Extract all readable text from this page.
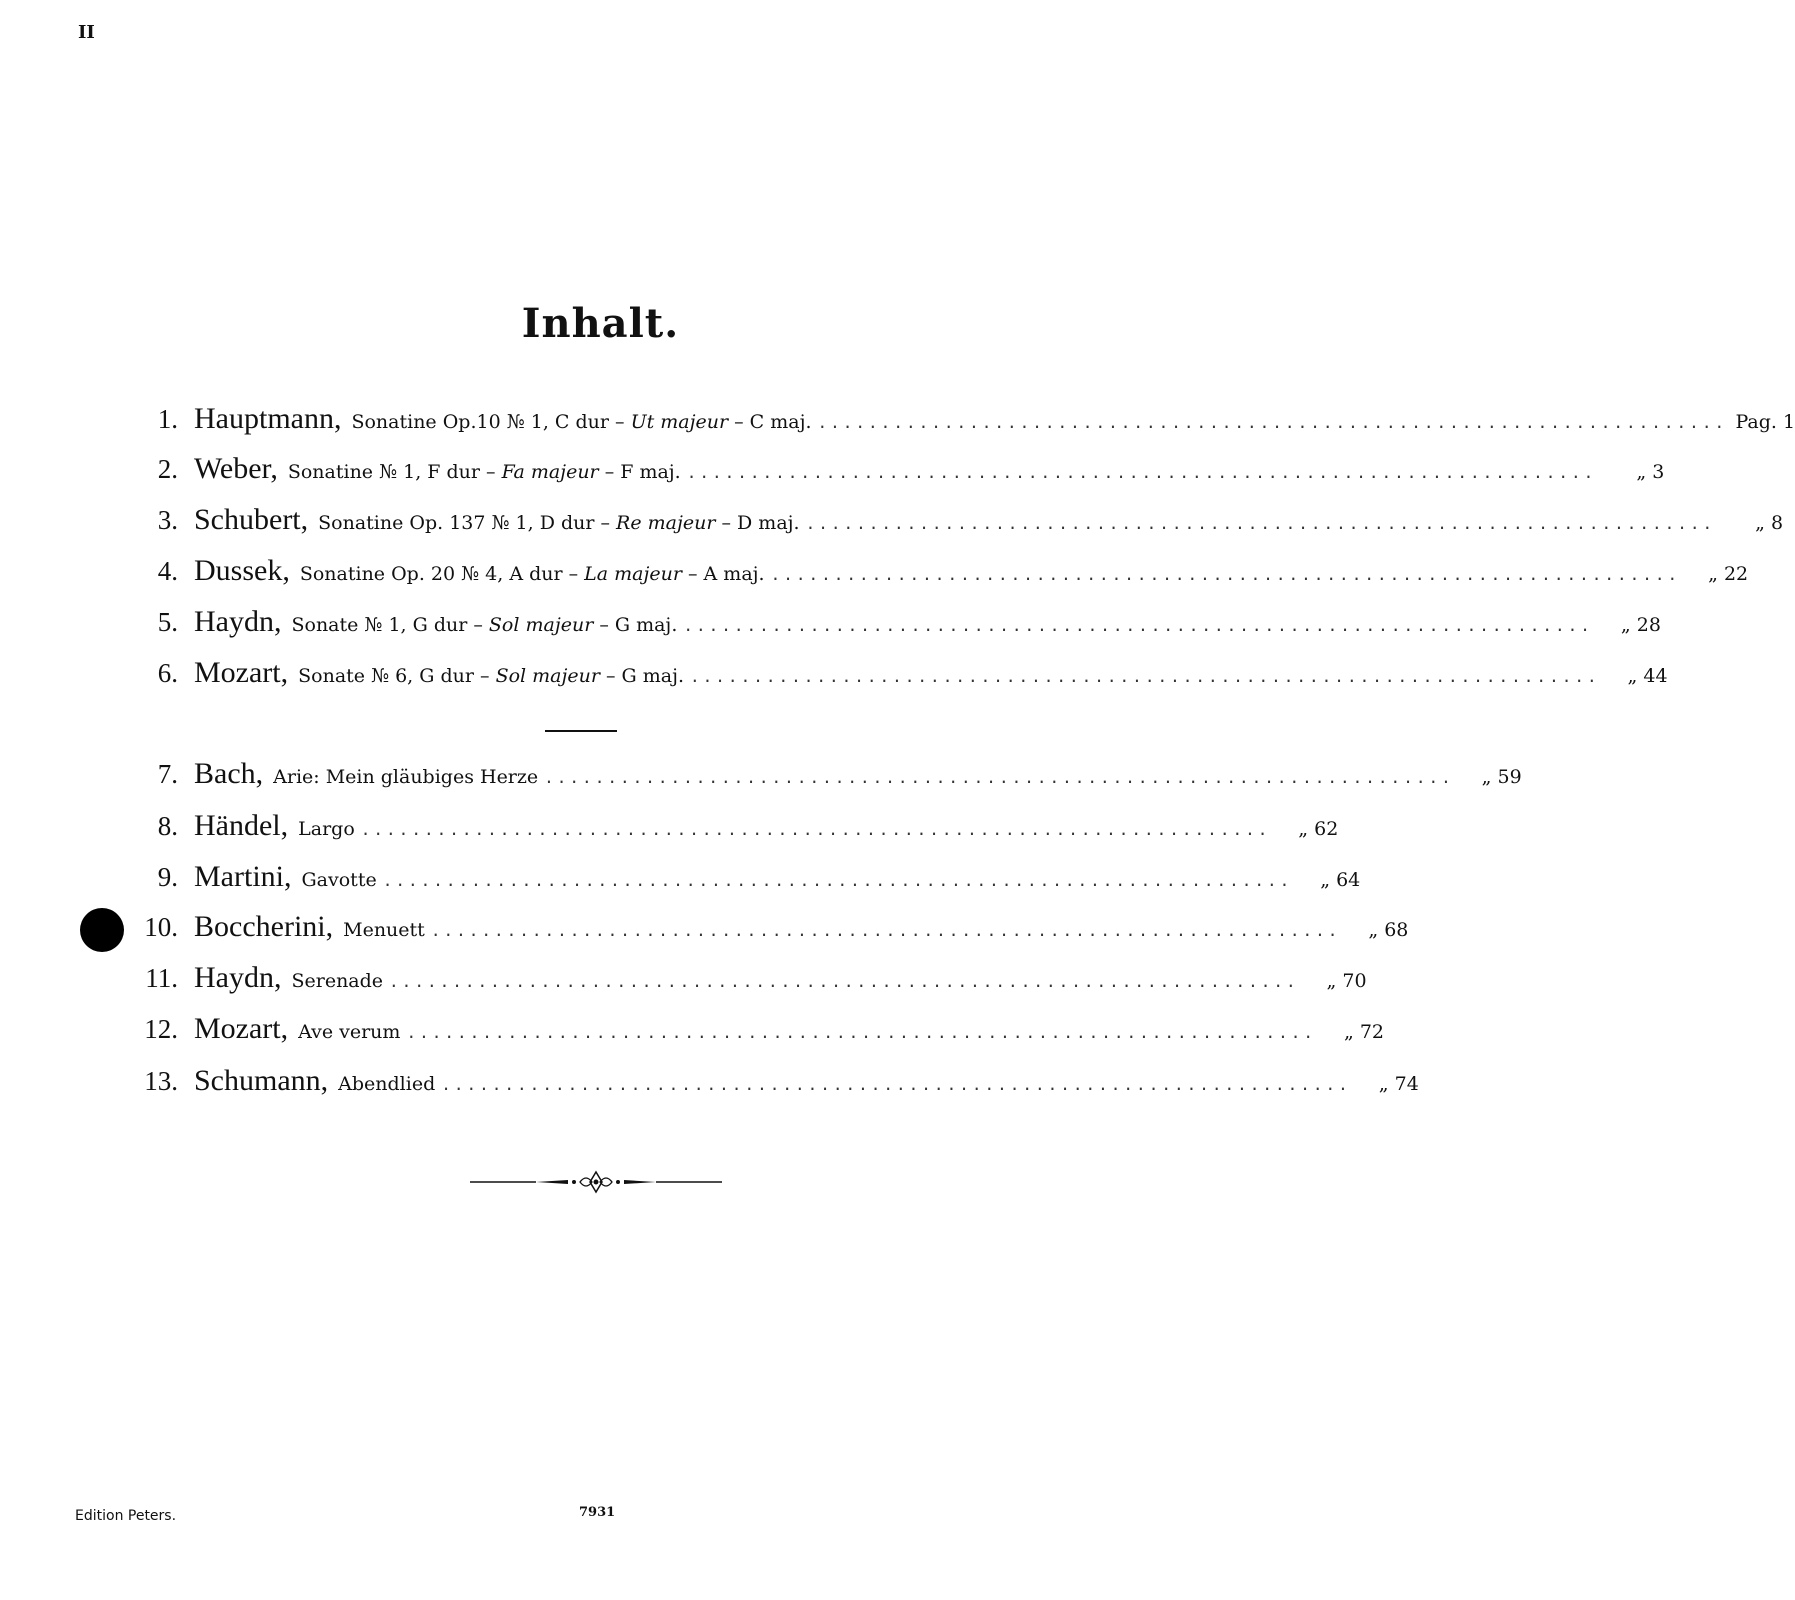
II
Inhalt.
1. Hauptmann, Sonatine Op.10 № 1, C dur – Ut majeur – C maj. ........................................................................ Pag. 1
2. Weber, Sonatine № 1, F dur – Fa majeur – F maj. ........................................................................	„ 3
3. Schubert, Sonatine Op. 137 № 1, D dur – Re majeur – D maj. ........................................................................	„ 8
4. Dussek, Sonatine Op. 20 № 4, A dur – La majeur – A maj. ........................................................................	„ 22
5. Haydn, Sonate № 1, G dur – Sol majeur – G maj. ........................................................................	„ 28
6. Mozart, Sonate № 6, G dur – Sol majeur – G maj. ........................................................................	„ 44
7. Bach, Arie: Mein gläubiges Herze ........................................................................	„ 59
8. Händel, Largo ........................................................................	„ 62
9. Martini, Gavotte ........................................................................	„ 64
10. Boccherini, Menuett ........................................................................	„ 68
11. Haydn, Serenade ........................................................................	„ 70
12. Mozart, Ave verum ........................................................................	„ 72
13. Schumann, Abendlied ........................................................................	„ 74
Edition Peters.	7931
